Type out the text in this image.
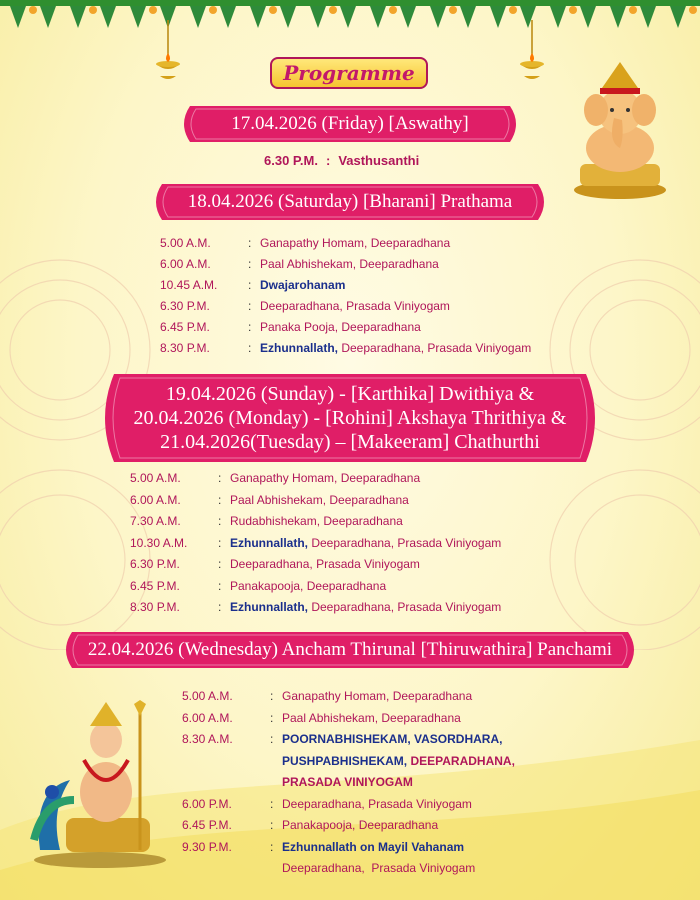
Programme
17.04.2026 (Friday) [Aswathy]
6.30 P.M. : Vasthusanthi
18.04.2026 (Saturday) [Bharani] Prathama
5.00 A.M.	: Ganapathy Homam, Deeparadhana
6.00 A.M.	: Paal Abhishekam, Deeparadhana
10.45 A.M.	: Dwajarohanam
6.30 P.M.	: Deeparadhana, Prasada Viniyogam
6.45 P.M.	: Panaka Pooja, Deeparadhana
8.30 P.M.	: Ezhunnallath, Deeparadhana, Prasada Viniyogam
19.04.2026 (Sunday) - [Karthika] Dwithiya &
20.04.2026 (Monday) - [Rohini] Akshaya Thrithiya &
21.04.2026(Tuesday) – [Makeeram] Chathurthi
5.00 A.M.	: Ganapathy Homam, Deeparadhana
6.00 A.M.	: Paal Abhishekam, Deeparadhana
7.30 A.M.	: Rudabhishekam, Deeparadhana
10.30 A.M.	: Ezhunnallath, Deeparadhana, Prasada Viniyogam
6.30 P.M.	: Deeparadhana, Prasada Viniyogam
6.45 P.M.	: Panakapooja, Deeparadhana
8.30 P.M.	: Ezhunnallath, Deeparadhana, Prasada Viniyogam
22.04.2026 (Wednesday) Ancham Thirunal [Thiruwathira] Panchami
5.00 A.M.	: Ganapathy Homam, Deeparadhana
6.00 A.M.	: Paal Abhishekam, Deeparadhana
8.30 A.M.	: POORNABHISHEKAM, VASORDHARA,
PUSHPABHISHEKAM, DEEPARADHANA,
PRASADA VINIYOGAM
6.00 P.M.	: Deeparadhana, Prasada Viniyogam
6.45 P.M.	: Panakapooja, Deeparadhana
9.30 P.M.	: Ezhunnallath on Mayil Vahanam
Deeparadhana,  Prasada Viniyogam
